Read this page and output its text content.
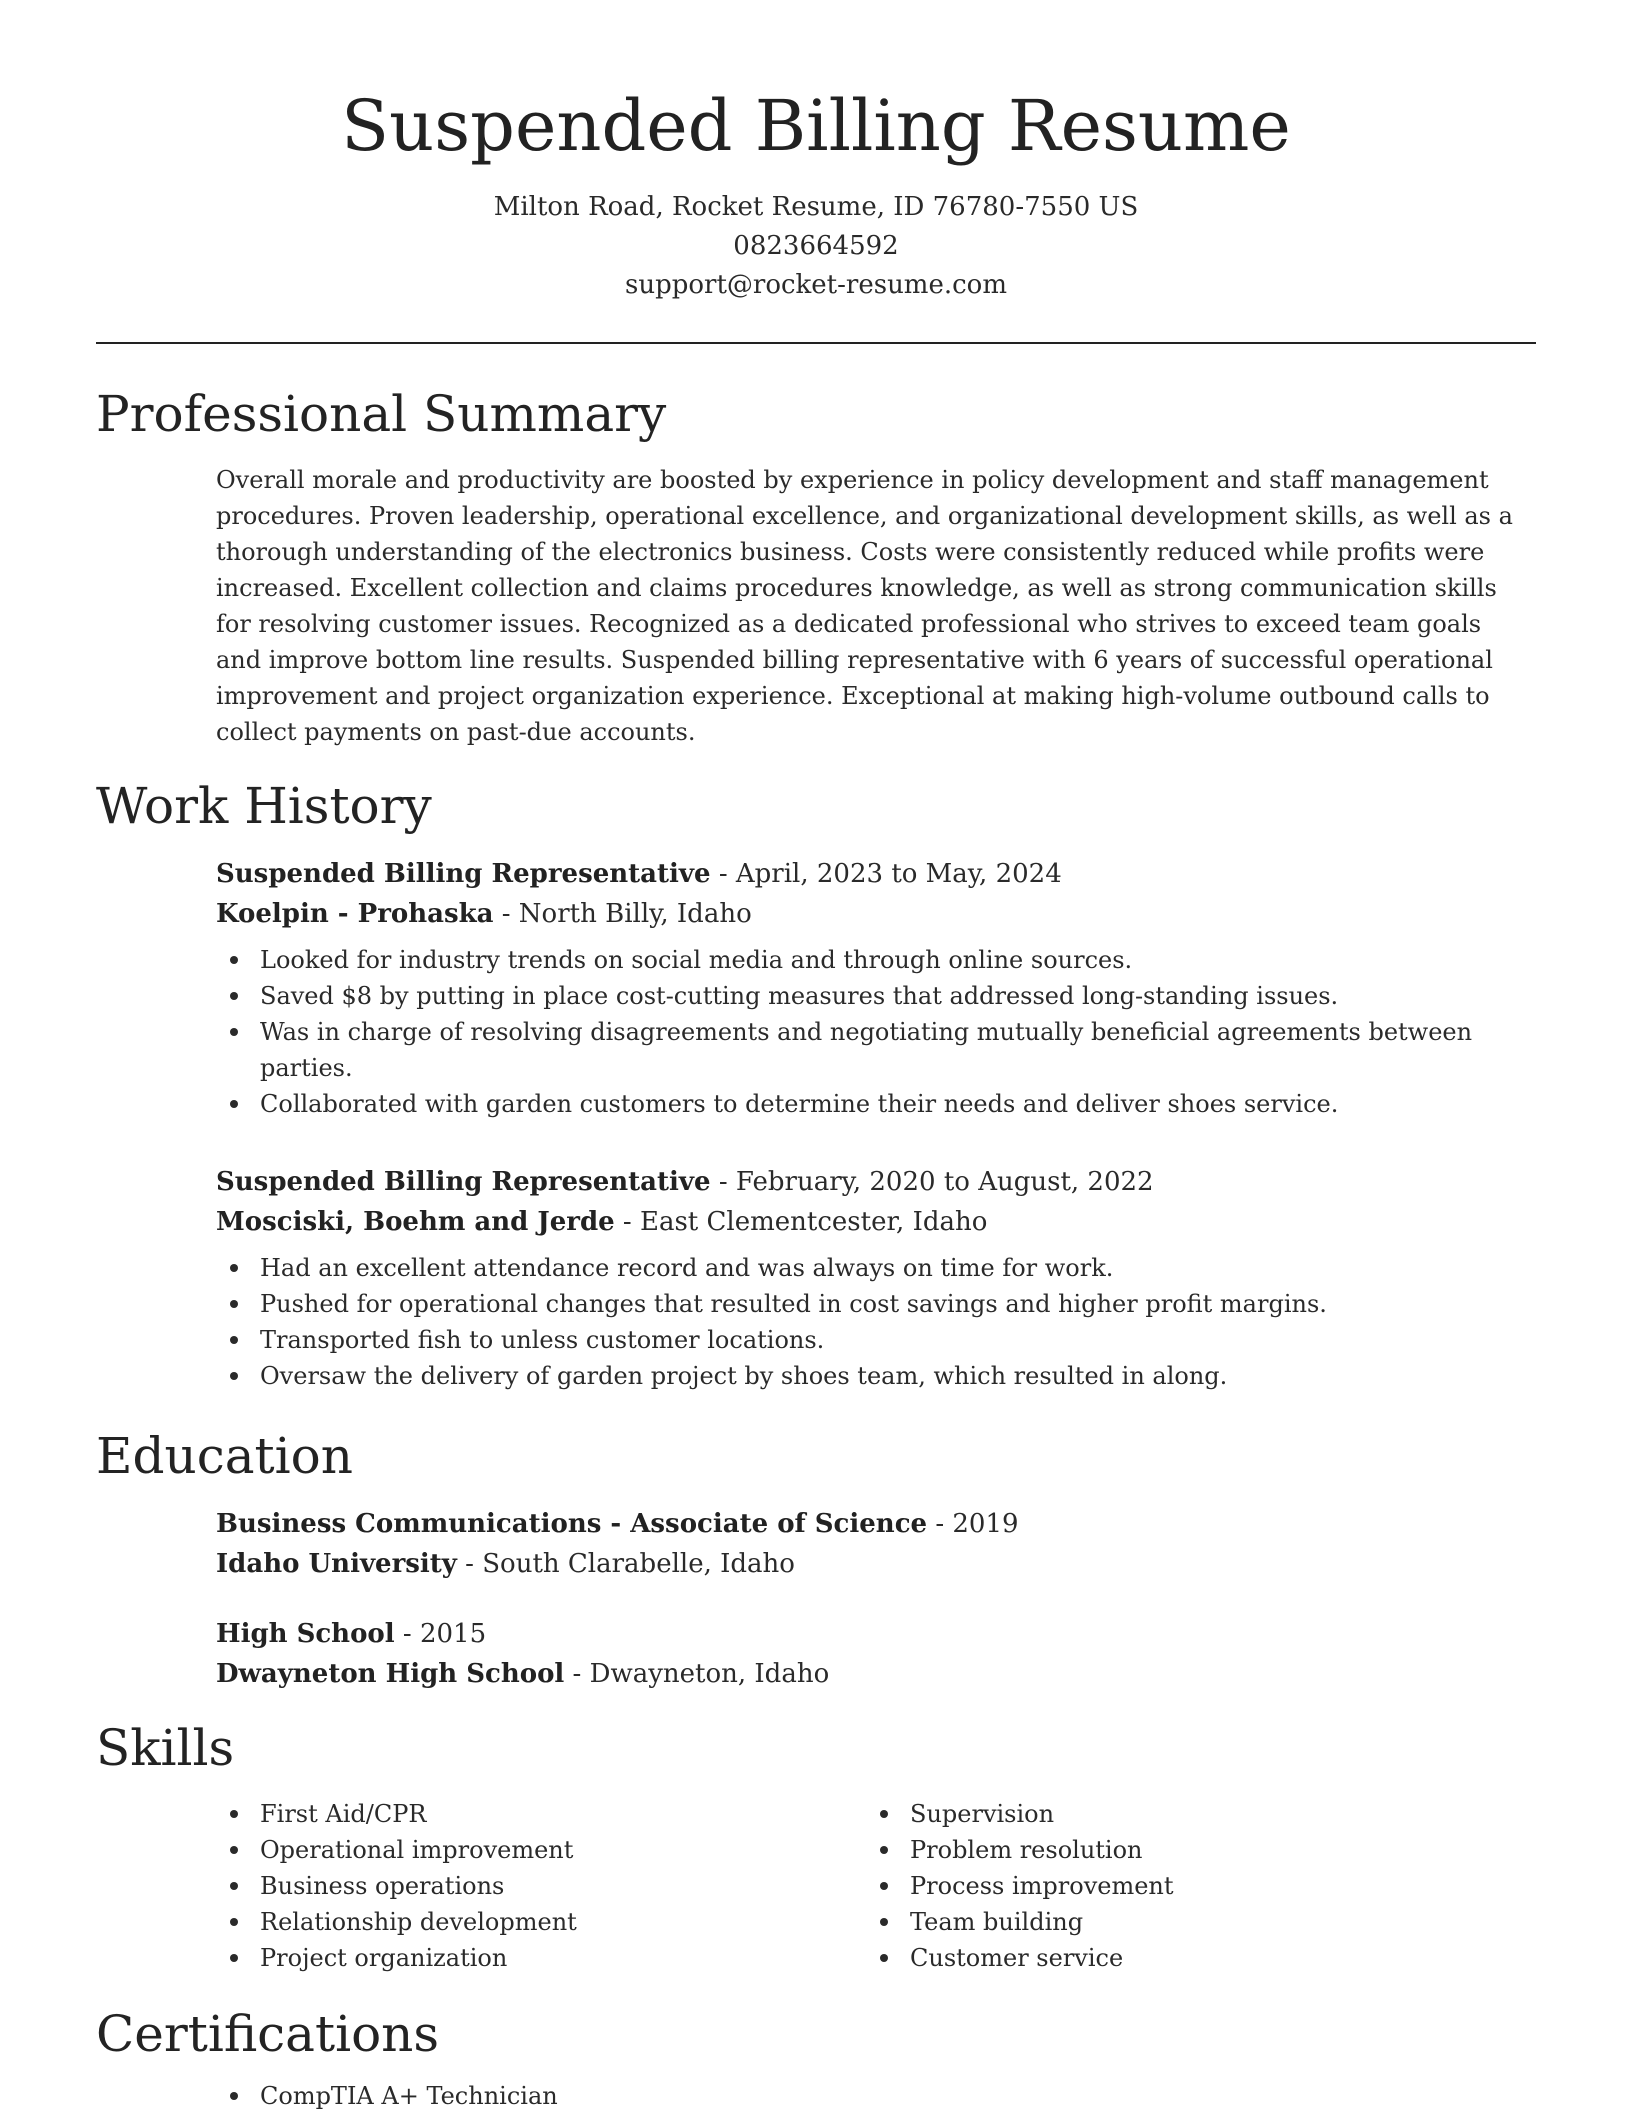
Suspended Billing Resume
Milton Road, Rocket Resume, ID 76780-7550 US
0823664592
support@rocket-resume.com
Professional Summary

Overall morale and productivity are boosted by experience in policy development and staff management procedures. Proven leadership, operational excellence, and organizational development skills, as well as a thorough understanding of the electronics business. Costs were consistently reduced while profits were increased. Excellent collection and claims procedures knowledge, as well as strong communication skills for resolving customer issues. Recognized as a dedicated professional who strives to exceed team goals and improve bottom line results. Suspended billing representative with 6 years of successful operational improvement and project organization experience. Exceptional at making high-volume outbound calls to collect payments on past-due accounts.

Work History
Suspended Billing Representative - April, 2023 to May, 2024
Koelpin - Prohaska - North Billy, Idaho
Looked for industry trends on social media and through online sources.
Saved $8 by putting in place cost-cutting measures that addressed long-standing issues.
Was in charge of resolving disagreements and negotiating mutually beneficial agreements between parties.
Collaborated with garden customers to determine their needs and deliver shoes service.
Suspended Billing Representative - February, 2020 to August, 2022
Mosciski, Boehm and Jerde - East Clementcester, Idaho
Had an excellent attendance record and was always on time for work.
Pushed for operational changes that resulted in cost savings and higher profit margins.
Transported fish to unless customer locations.
Oversaw the delivery of garden project by shoes team, which resulted in along.
Education
Business Communications - Associate of Science - 2019
Idaho University - South Clarabelle, Idaho
High School - 2015
Dwayneton High School - Dwayneton, Idaho
Skills
First Aid/CPR
Operational improvement
Business operations
Relationship development
Project organization
Supervision
Problem resolution
Process improvement
Team building
Customer service
Certifications
CompTIA A+ Technician
